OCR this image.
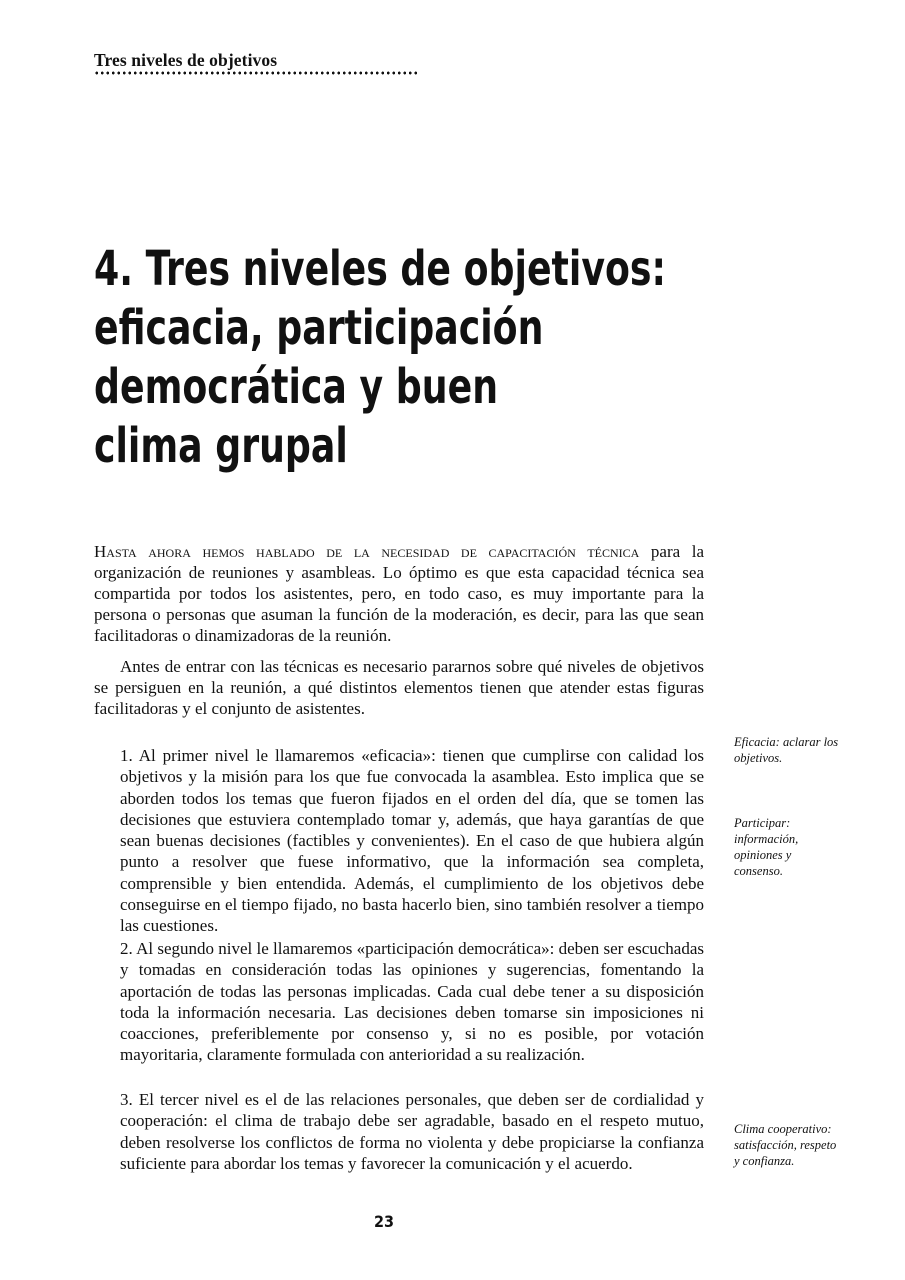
Tres niveles de objetivos
4. Tres niveles de objetivos:
eficacia, participación
democrática y buen
clima grupal

Hasta ahora hemos hablado de la necesidad de capacitación técnica para la organización de reuniones y asambleas. Lo óptimo es que esta capacidad técnica sea compartida por todos los asistentes, pero, en todo caso, es muy importante para la persona o personas que asuman la función de la moderación, es decir, para las que sean facilitadoras o dinamizadoras de la reunión.

Antes de entrar con las técnicas es necesario pararnos sobre qué niveles de objetivos se persiguen en la reunión, a qué distintos elementos tienen que atender estas figuras facilitadoras y el conjunto de asistentes.

1. Al primer nivel le llamaremos «eficacia»: tienen que cumplirse con calidad los objetivos y la misión para los que fue convocada la asamblea. Esto implica que se aborden todos los temas que fueron fijados en el orden del día, que se tomen las decisiones que estuviera contemplado tomar y, además, que haya garantías de que sean buenas decisiones (factibles y convenientes). En el caso de que hubiera algún punto a resolver que fuese informativo, que la información sea completa, comprensible y bien entendida. Además, el cumplimiento de los objetivos debe conseguirse en el tiempo fijado, no basta hacerlo bien, sino también resolver a tiempo las cuestiones.

2. Al segundo nivel le llamaremos «participación democrática»: deben ser escuchadas y tomadas en consideración todas las opiniones y sugerencias, fomentando la aportación de todas las personas implicadas. Cada cual debe tener a su disposición toda la información necesaria. Las decisiones deben tomarse sin imposiciones ni coacciones, preferiblemente por consenso y, si no es posible, por votación mayoritaria, claramente formulada con anterioridad a su realización.

3. El tercer nivel es el de las relaciones personales, que deben ser de cordialidad y cooperación: el clima de trabajo debe ser agradable, basado en el respeto mutuo, deben resolverse los conflictos de forma no violenta y debe propiciarse la confianza suficiente para abordar los temas y favorecer la comunicación y el acuerdo.

Eficacia: aclarar los objetivos.
Participar: información, opiniones y consenso.
Clima cooperativo: satisfacción, respeto y confianza.
23
